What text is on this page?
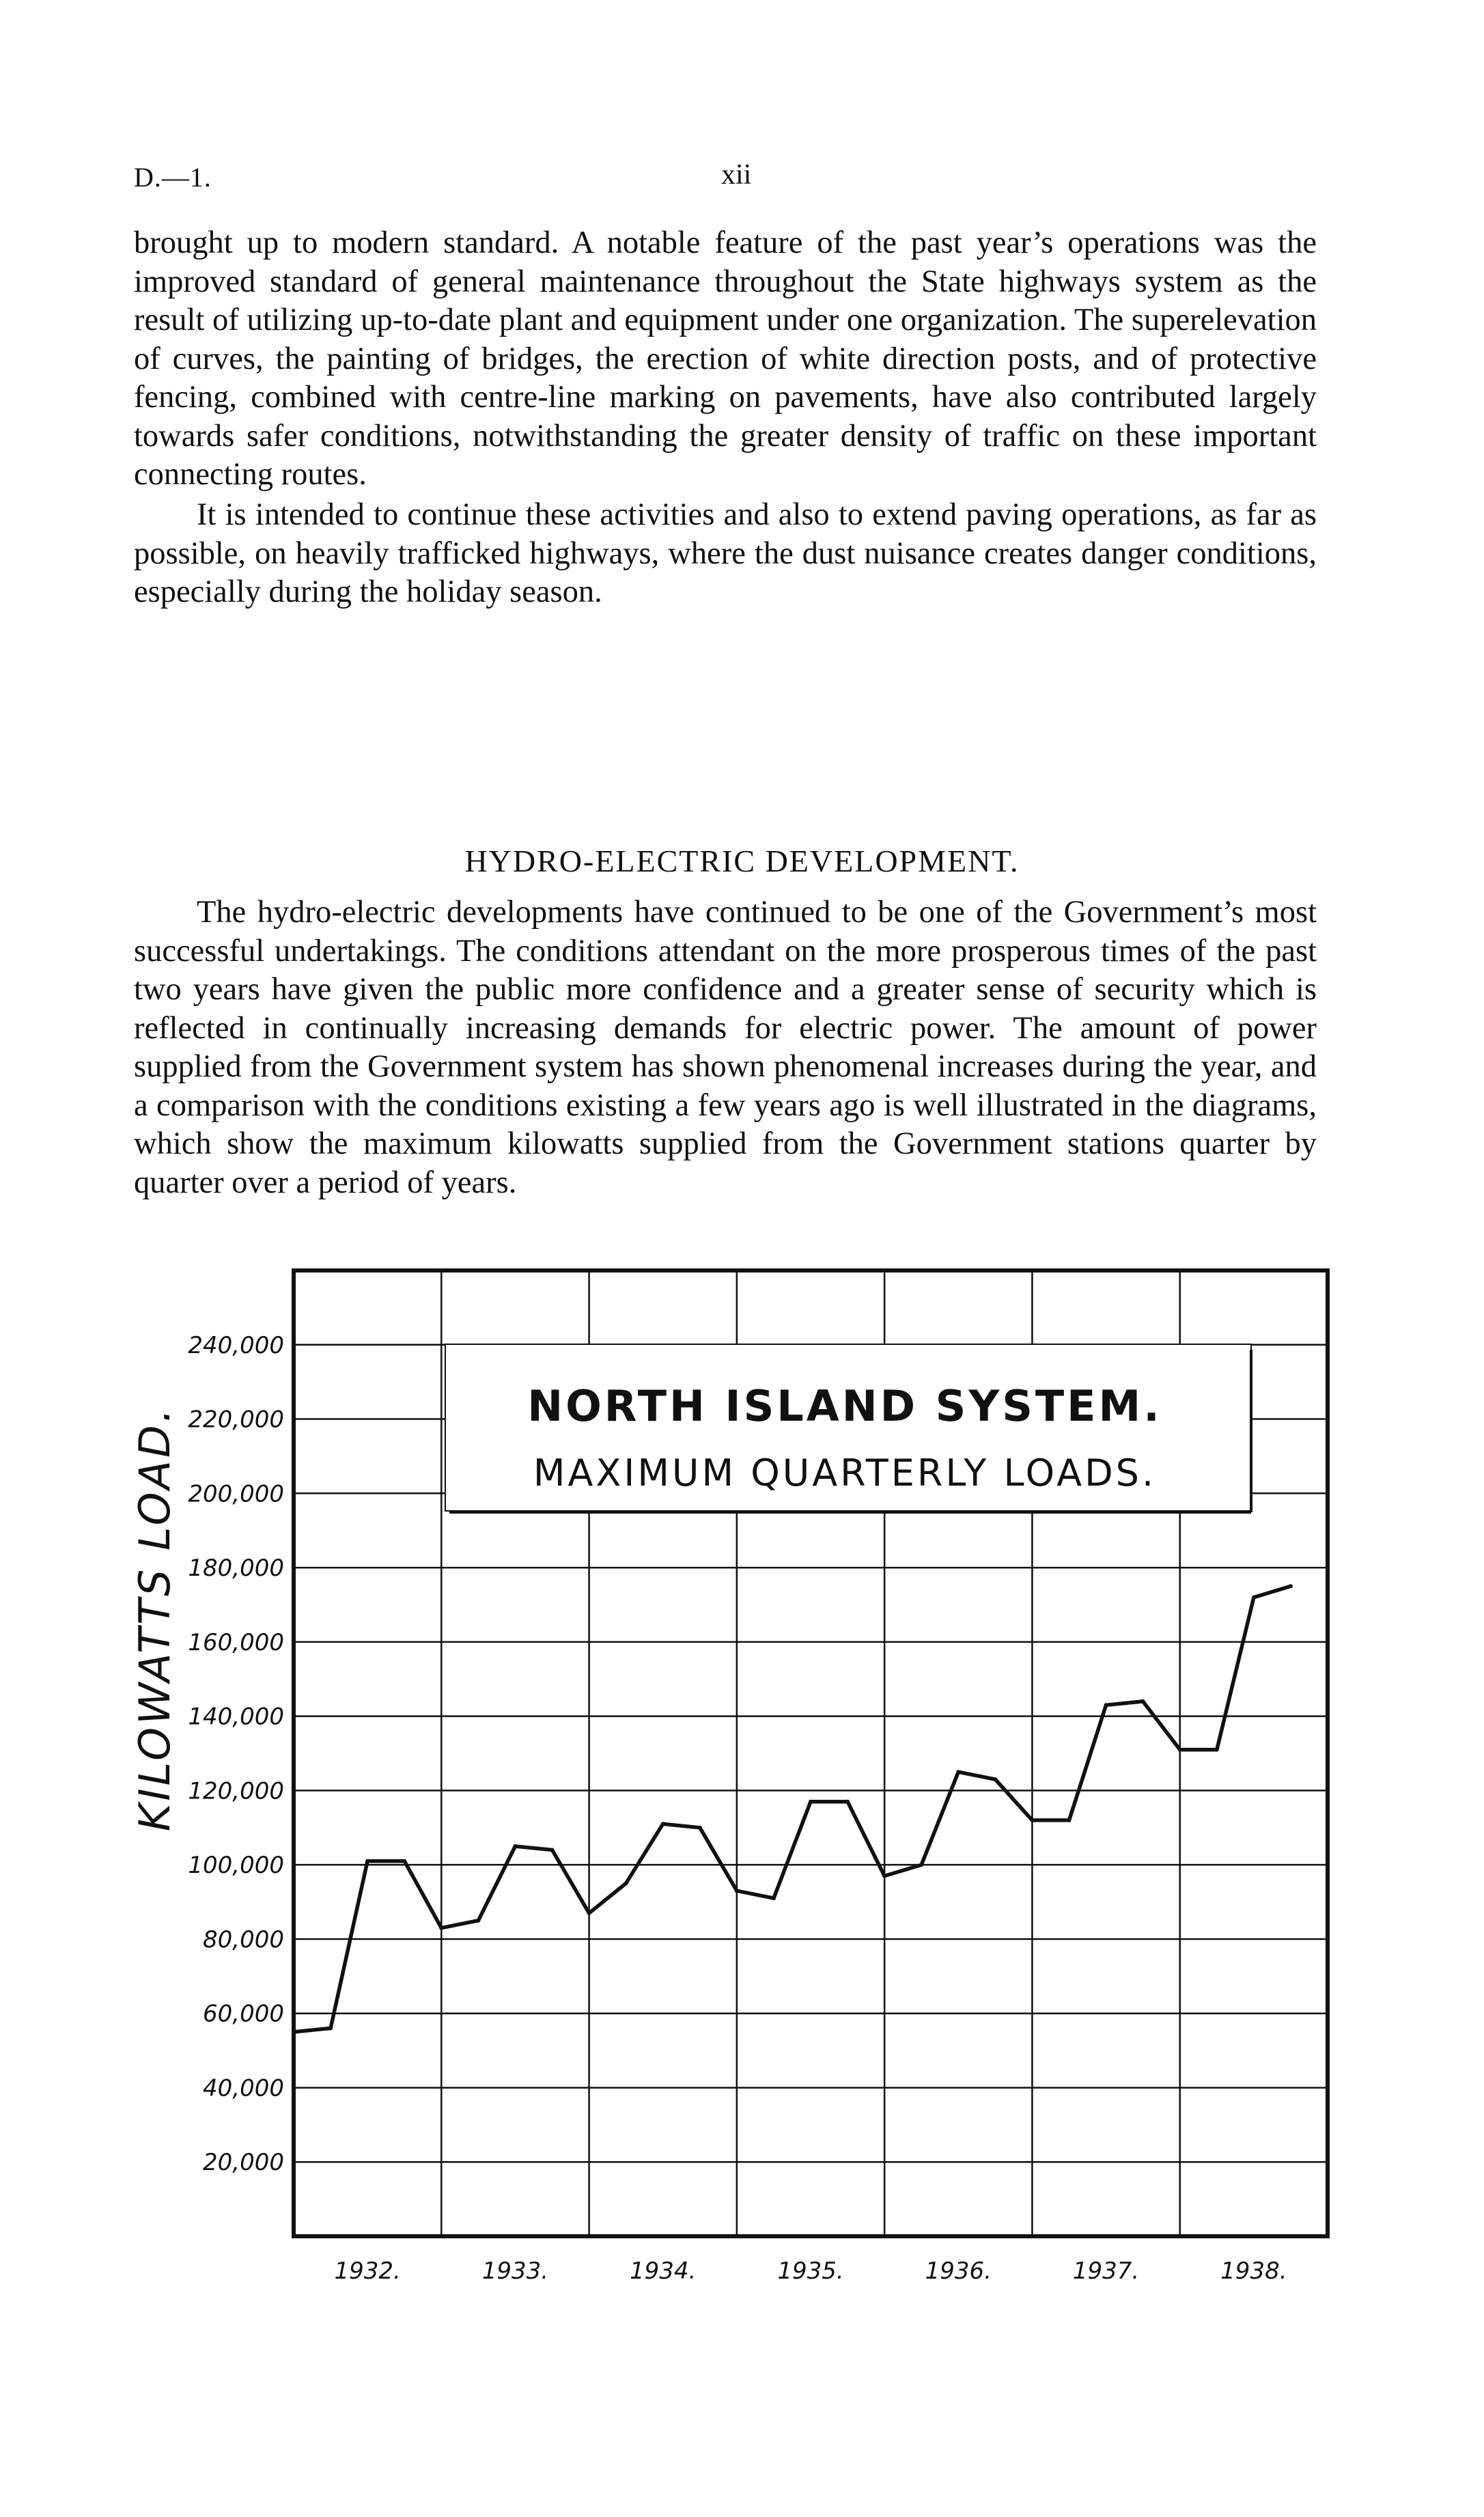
D.—1.	xii

brought up to modern standard. A notable feature of the past year’s operations was the improved standard of general maintenance throughout the State highways system as the result of utilizing up-to-date plant and equipment under one organization. The superelevation of curves, the painting of bridges, the erection of white direction posts, and of protective fencing, combined with centre-line marking on pavements, have also contributed largely towards safer conditions, notwithstanding the greater density of traffic on these important connecting routes.

It is intended to continue these activities and also to extend paving operations, as far as possible, on heavily trafficked highways, where the dust nuisance creates danger conditions, especially during the holiday season.

HYDRO-ELECTRIC DEVELOPMENT.

The hydro-electric developments have continued to be one of the Government’s most successful undertakings. The conditions attendant on the more prosperous times of the past two years have given the public more confidence and a greater sense of security which is reflected in continually increasing demands for electric power. The amount of power supplied from the Government system has shown phenomenal increases during the year, and a comparison with the conditions existing a few years ago is well illustrated in the diagrams, which show the maximum kilowatts supplied from the Government stations quarter by quarter over a period of years.

NORTH ISLAND SYSTEM.
MAXIMUM QUARTERLY LOADS.
KILOWATTS LOAD.
20,000
40,000
60,000
80,000
100,000
120,000
140,000
160,000
180,000
200,000
220,000
240,000
1932.	1933.	1934.	1935.	1936.	1937.	1938.
